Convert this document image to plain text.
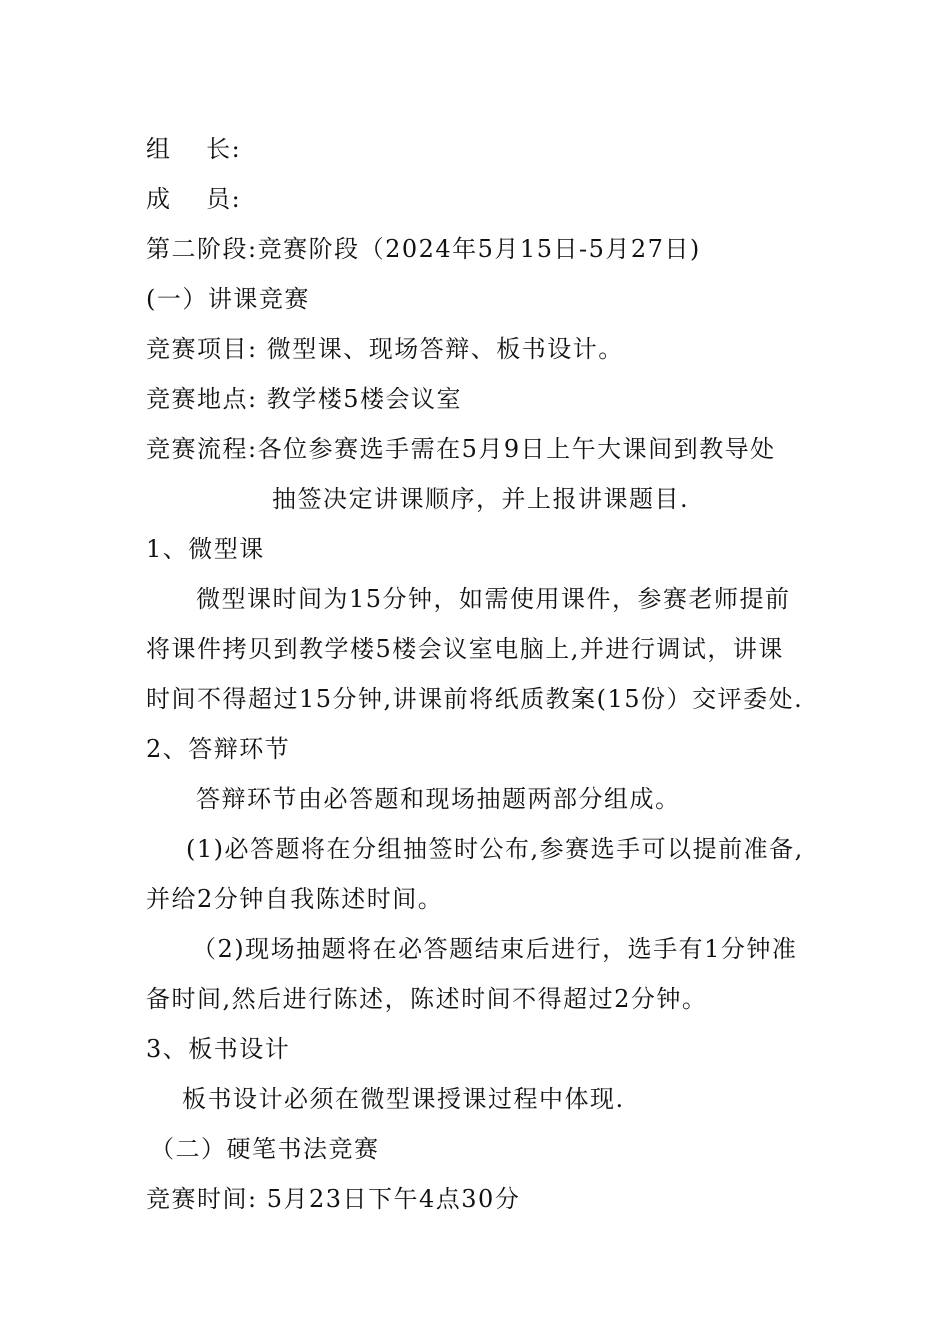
组　 长:
成　 员:
第二阶段:竞赛阶段（2024年5月15日-5月27日)
(一）讲课竞赛
竞赛项目: 微型课、现场答辩、板书设计。
竞赛地点: 教学楼5楼会议室
竞赛流程:各位参赛选手需在5月9日上午大课间到教导处
抽签决定讲课顺序，并上报讲课题目.
1、微型课
微型课时间为15分钟，如需使用课件，参赛老师提前
将课件拷贝到教学楼5楼会议室电脑上,并进行调试，讲课
时间不得超过15分钟,讲课前将纸质教案(15份）交评委处.
2、答辩环节
答辩环节由必答题和现场抽题两部分组成。
(1)必答题将在分组抽签时公布,参赛选手可以提前准备,
并给2分钟自我陈述时间。
（2)现场抽题将在必答题结束后进行，选手有1分钟准
备时间,然后进行陈述，陈述时间不得超过2分钟。
3、板书设计
板书设计必须在微型课授课过程中体现.
（二）硬笔书法竞赛
竞赛时间: 5月23日下午4点30分
